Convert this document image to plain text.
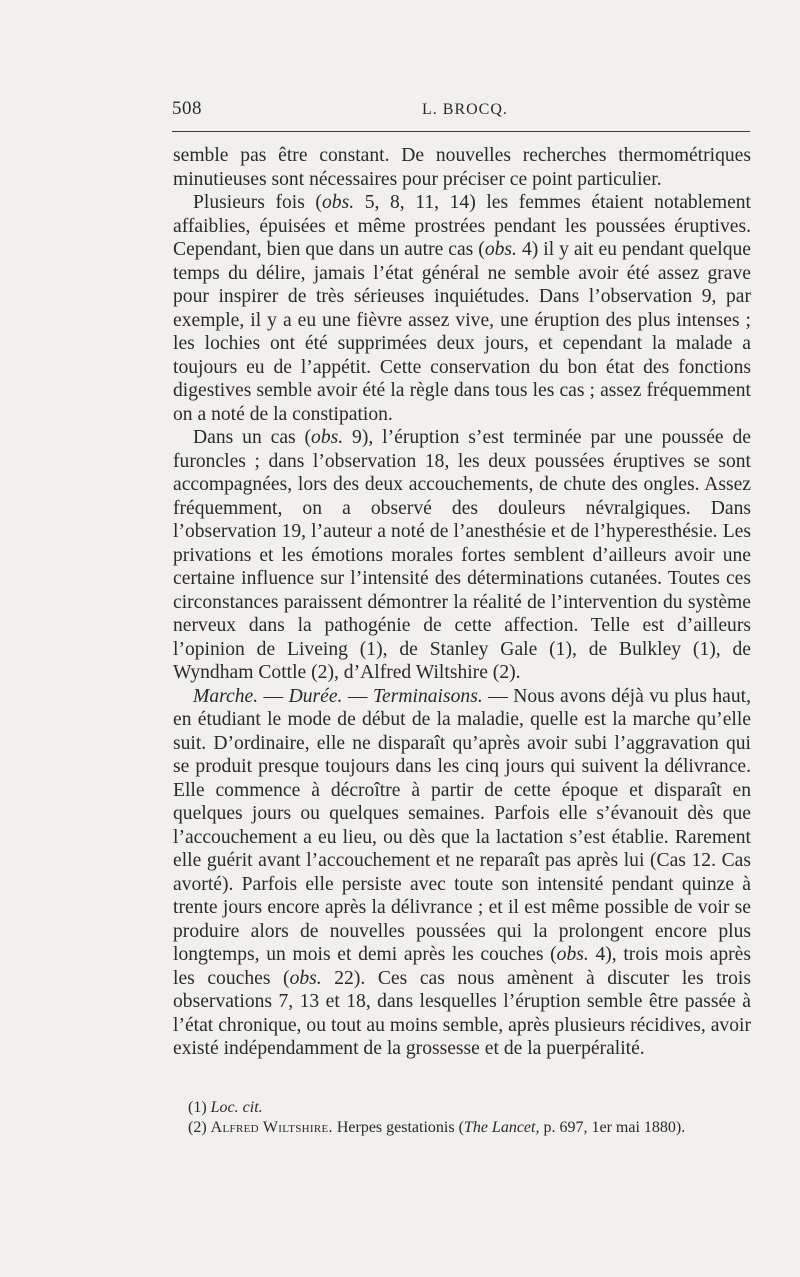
508	L. BROCQ.

semble pas être constant. De nouvelles recherches thermométriques minutieuses sont nécessaires pour préciser ce point particulier.

Plusieurs fois (obs. 5, 8, 11, 14) les femmes étaient notablement affaiblies, épuisées et même prostrées pendant les poussées éruptives. Cependant, bien que dans un autre cas (obs. 4) il y ait eu pendant quelque temps du délire, jamais l’état général ne semble avoir été assez grave pour inspirer de très sérieuses inquiétudes. Dans l’observation 9, par exemple, il y a eu une fièvre assez vive, une éruption des plus intenses ; les lochies ont été supprimées deux jours, et cependant la malade a toujours eu de l’appétit. Cette conservation du bon état des fonctions digestives semble avoir été la règle dans tous les cas ; assez fréquemment on a noté de la constipation.

Dans un cas (obs. 9), l’éruption s’est terminée par une poussée de furoncles ; dans l’observation 18, les deux poussées éruptives se sont accompagnées, lors des deux accouchements, de chute des ongles. Assez fréquemment, on a observé des douleurs névralgiques. Dans l’observation 19, l’auteur a noté de l’anesthésie et de l’hyperesthésie. Les privations et les émotions morales fortes semblent d’ailleurs avoir une certaine influence sur l’intensité des déterminations cutanées. Toutes ces circonstances paraissent démontrer la réalité de l’intervention du système nerveux dans la pathogénie de cette affection. Telle est d’ailleurs l’opinion de Liveing (1), de Stanley Gale (1), de Bulkley (1), de Wyndham Cottle (2), d’Alfred Wiltshire (2).

Marche. — Durée. — Terminaisons. — Nous avons déjà vu plus haut, en étudiant le mode de début de la maladie, quelle est la marche qu’elle suit. D’ordinaire, elle ne disparaît qu’après avoir subi l’aggravation qui se produit presque toujours dans les cinq jours qui suivent la délivrance. Elle commence à décroître à partir de cette époque et disparaît en quelques jours ou quelques semaines. Parfois elle s’évanouit dès que l’accouchement a eu lieu, ou dès que la lactation s’est établie. Rarement elle guérit avant l’accouchement et ne reparaît pas après lui (Cas 12. Cas avorté). Parfois elle persiste avec toute son intensité pendant quinze à trente jours encore après la délivrance ; et il est même possible de voir se produire alors de nouvelles poussées qui la prolongent encore plus longtemps, un mois et demi après les couches (obs. 4), trois mois après les couches (obs. 22). Ces cas nous amènent à discuter les trois observations 7, 13 et 18, dans lesquelles l’éruption semble être passée à l’état chronique, ou tout au moins semble, après plusieurs récidives, avoir existé indépendamment de la grossesse et de la puerpéralité.

(1) Loc. cit.
(2) Alfred Wiltshire. Herpes gestationis (The Lancet, p. 697, 1er mai 1880).
